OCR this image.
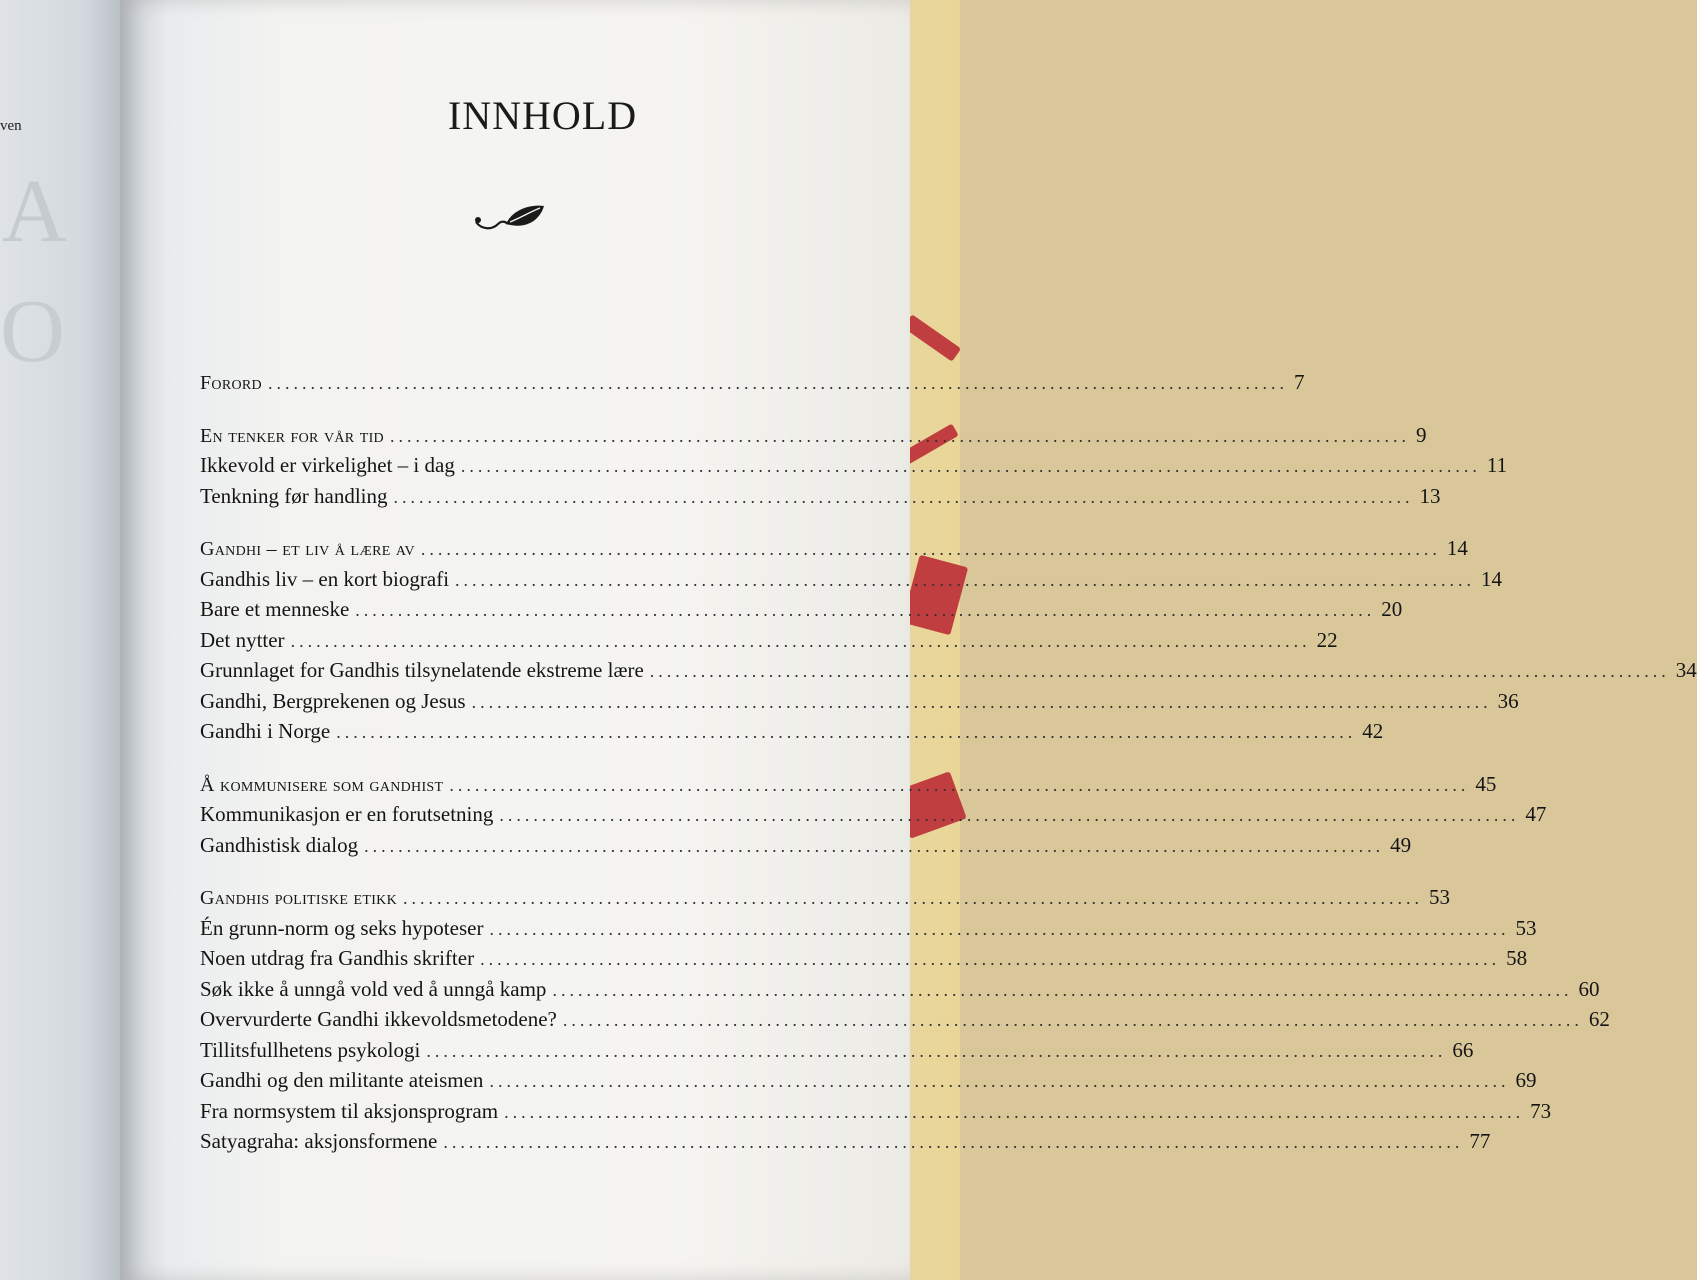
ven
A
O
INNHOLD
Forord ........................................................................................................................ 7
En tenker for vår tid ........................................................................................................................ 9
Ikkevold er virkelighet – i dag ........................................................................................................................ 11
Tenkning før handling ........................................................................................................................ 13
Gandhi – et liv å lære av ........................................................................................................................ 14
Gandhis liv – en kort biografi ........................................................................................................................ 14
Bare et menneske ........................................................................................................................ 20
Det nytter ........................................................................................................................ 22
Grunnlaget for Gandhis tilsynelatende ekstreme lære ........................................................................................................................ 34
Gandhi, Bergprekenen og Jesus ........................................................................................................................ 36
Gandhi i Norge ........................................................................................................................ 42
Å kommunisere som gandhist ........................................................................................................................ 45
Kommunikasjon er en forutsetning ........................................................................................................................ 47
Gandhistisk dialog ........................................................................................................................ 49
Gandhis politiske etikk ........................................................................................................................ 53
Én grunn-norm og seks hypoteser ........................................................................................................................ 53
Noen utdrag fra Gandhis skrifter ........................................................................................................................ 58
Søk ikke å unngå vold ved å unngå kamp ........................................................................................................................ 60
Overvurderte Gandhi ikkevoldsmetodene? ........................................................................................................................ 62
Tillitsfullhetens psykologi ........................................................................................................................ 66
Gandhi og den militante ateismen ........................................................................................................................ 69
Fra normsystem til aksjonsprogram ........................................................................................................................ 73
Satyagraha: aksjonsformene ........................................................................................................................ 77
